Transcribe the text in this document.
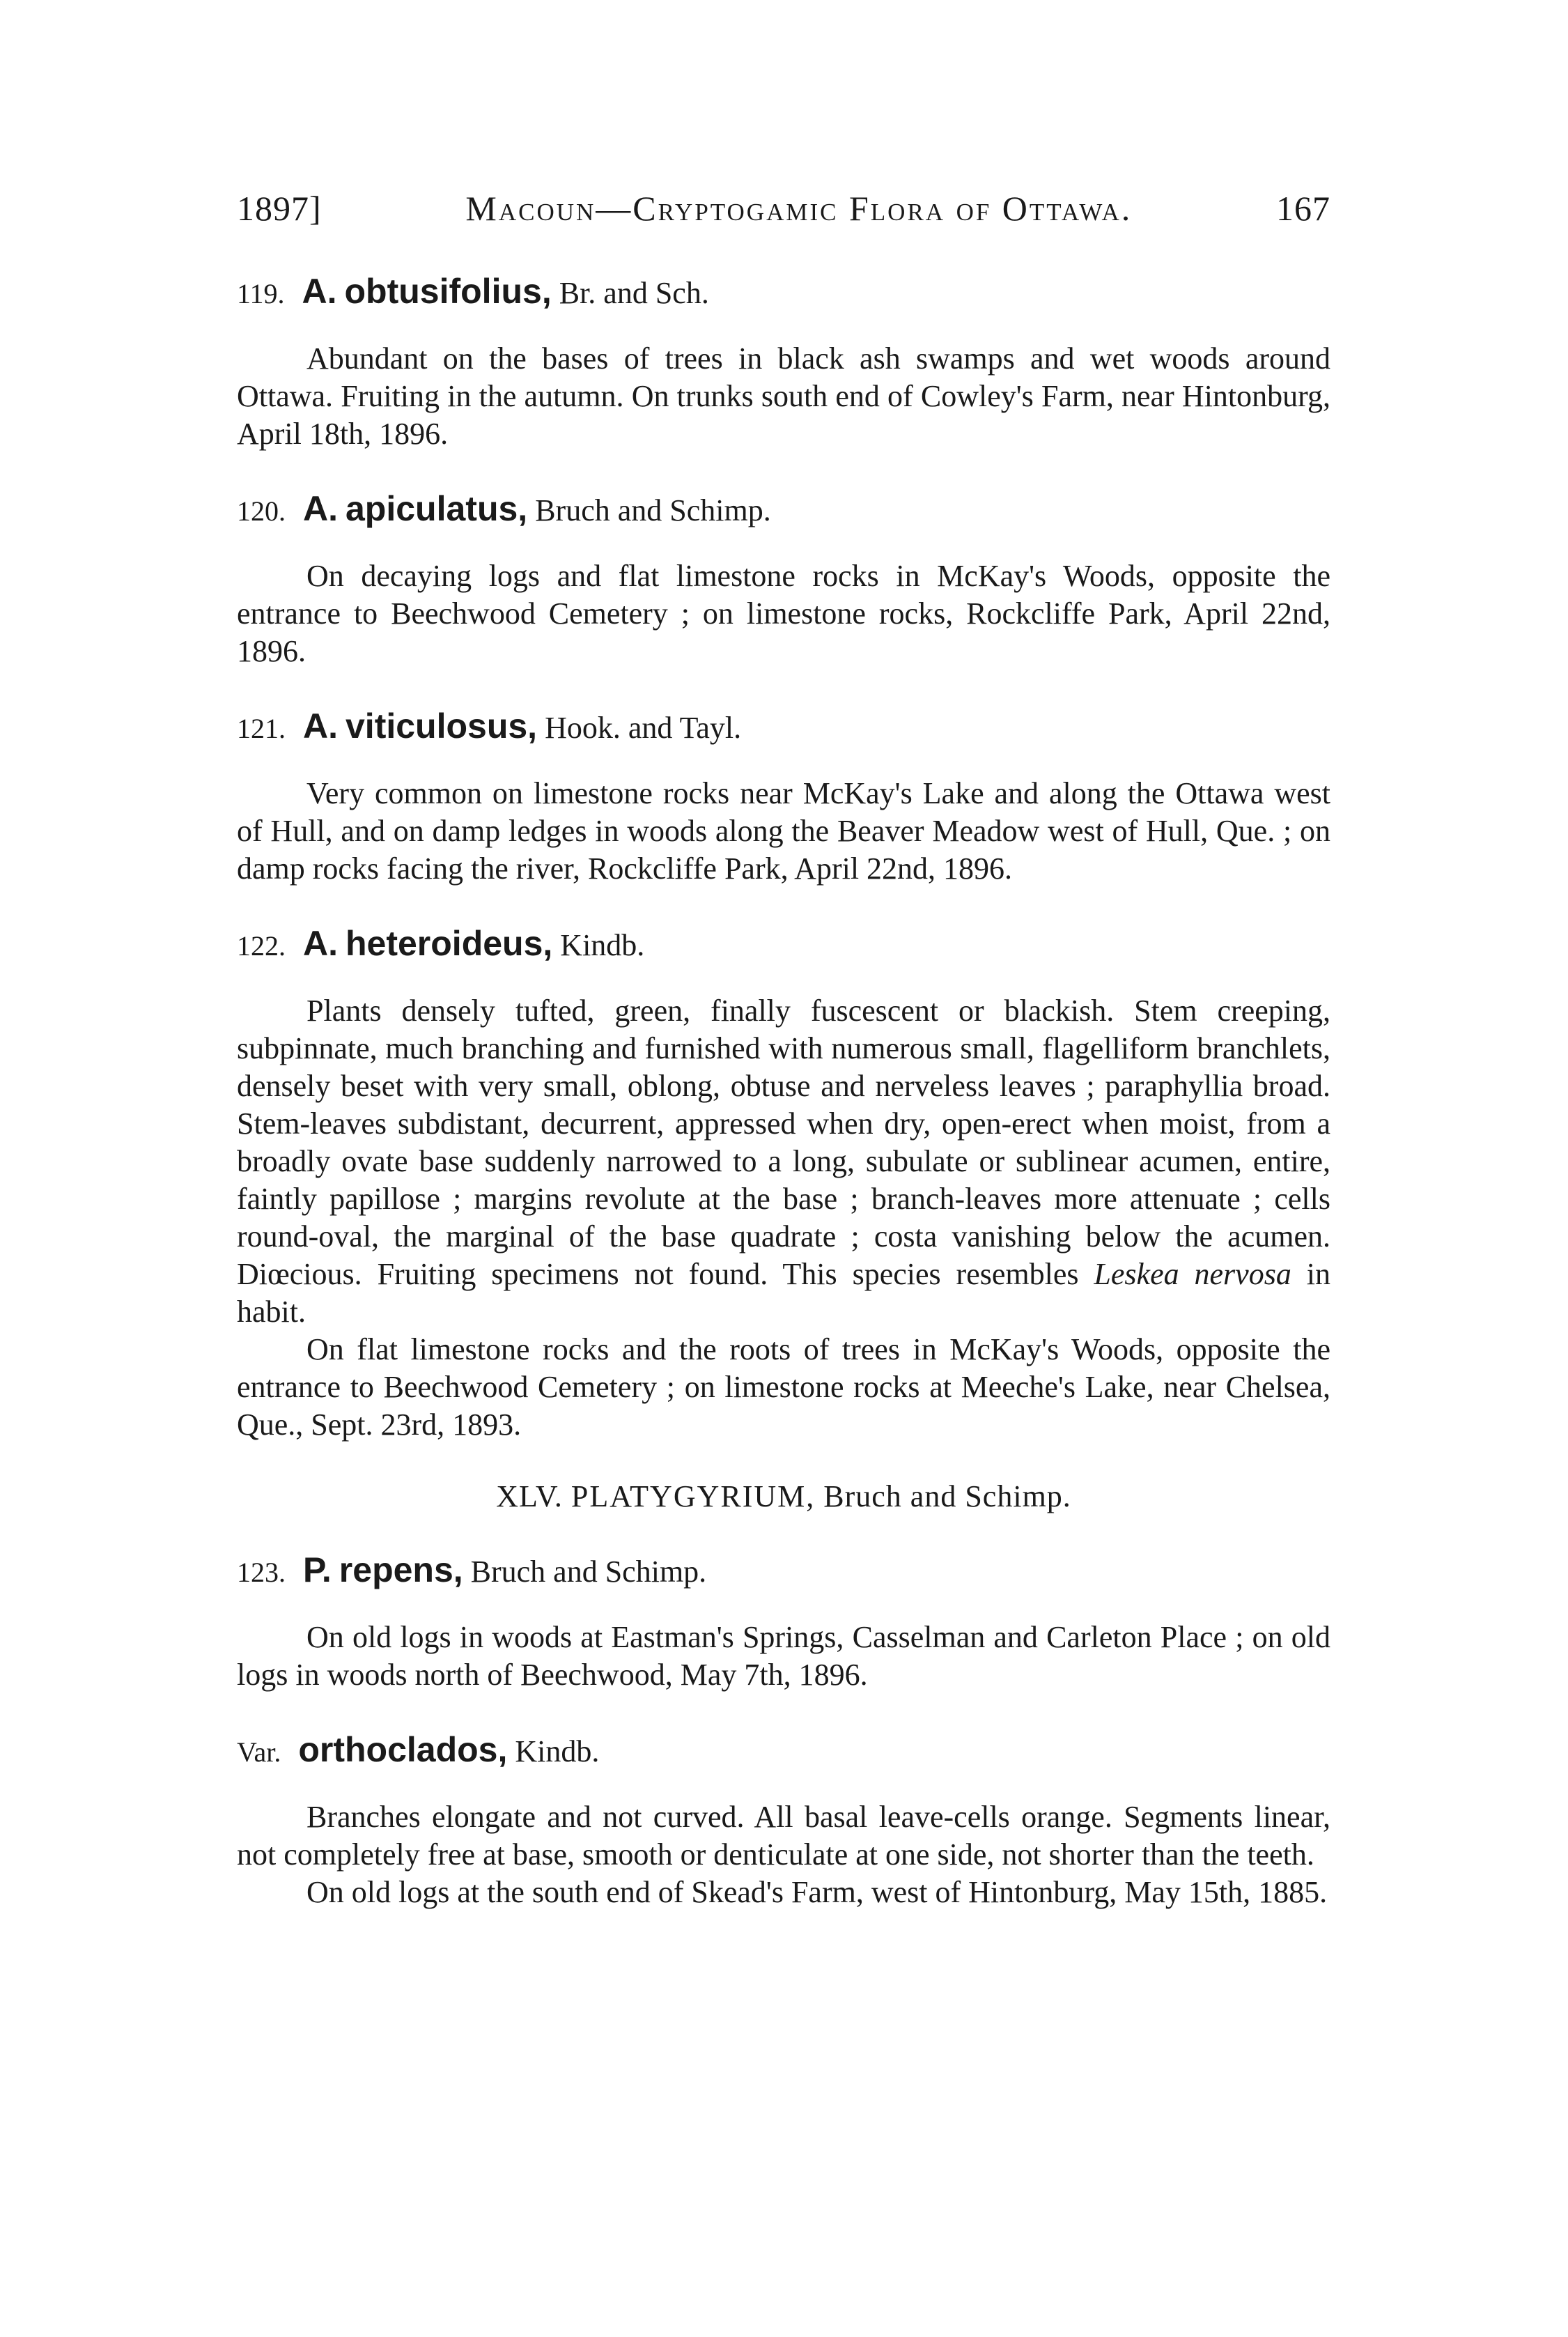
1897]	Macoun—Cryptogamic Flora of Ottawa.	167
119. A. obtusifolius, Br. and Sch.

Abundant on the bases of trees in black ash swamps and wet woods around Ottawa. Fruiting in the autumn. On trunks south end of Cowley's Farm, near Hintonburg, April 18th, 1896.

120. A. apiculatus, Bruch and Schimp.

On decaying logs and flat limestone rocks in McKay's Woods, opposite the entrance to Beechwood Cemetery ; on limestone rocks, Rockcliffe Park, April 22nd, 1896.

121. A. viticulosus, Hook. and Tayl.

Very common on limestone rocks near McKay's Lake and along the Ottawa west of Hull, and on damp ledges in woods along the Beaver Meadow west of Hull, Que. ; on damp rocks facing the river, Rockcliffe Park, April 22nd, 1896.

122. A. heteroideus, Kindb.

Plants densely tufted, green, finally fuscescent or blackish. Stem creeping, subpinnate, much branching and furnished with numerous small, flagelliform branchlets, densely beset with very small, oblong, obtuse and nerveless leaves ; paraphyllia broad. Stem-leaves subdistant, decurrent, appressed when dry, open-erect when moist, from a broadly ovate base suddenly narrowed to a long, subulate or sublinear acumen, entire, faintly papillose ; margins revolute at the base ; branch-leaves more attenuate ; cells round-oval, the marginal of the base quadrate ; costa vanishing below the acumen. Diœcious. Fruiting specimens not found. This species resembles Leskea nervosa in habit.

On flat limestone rocks and the roots of trees in McKay's Woods, opposite the entrance to Beechwood Cemetery ; on limestone rocks at Meeche's Lake, near Chelsea, Que., Sept. 23rd, 1893.

XLV. PLATYGYRIUM, Bruch and Schimp.
123. P. repens, Bruch and Schimp.

On old logs in woods at Eastman's Springs, Casselman and Carleton Place ; on old logs in woods north of Beechwood, May 7th, 1896.

Var. orthoclados, Kindb.

Branches elongate and not curved. All basal leave-cells orange. Segments linear, not completely free at base, smooth or denticulate at one side, not shorter than the teeth.

On old logs at the south end of Skead's Farm, west of Hintonburg, May 15th, 1885.
